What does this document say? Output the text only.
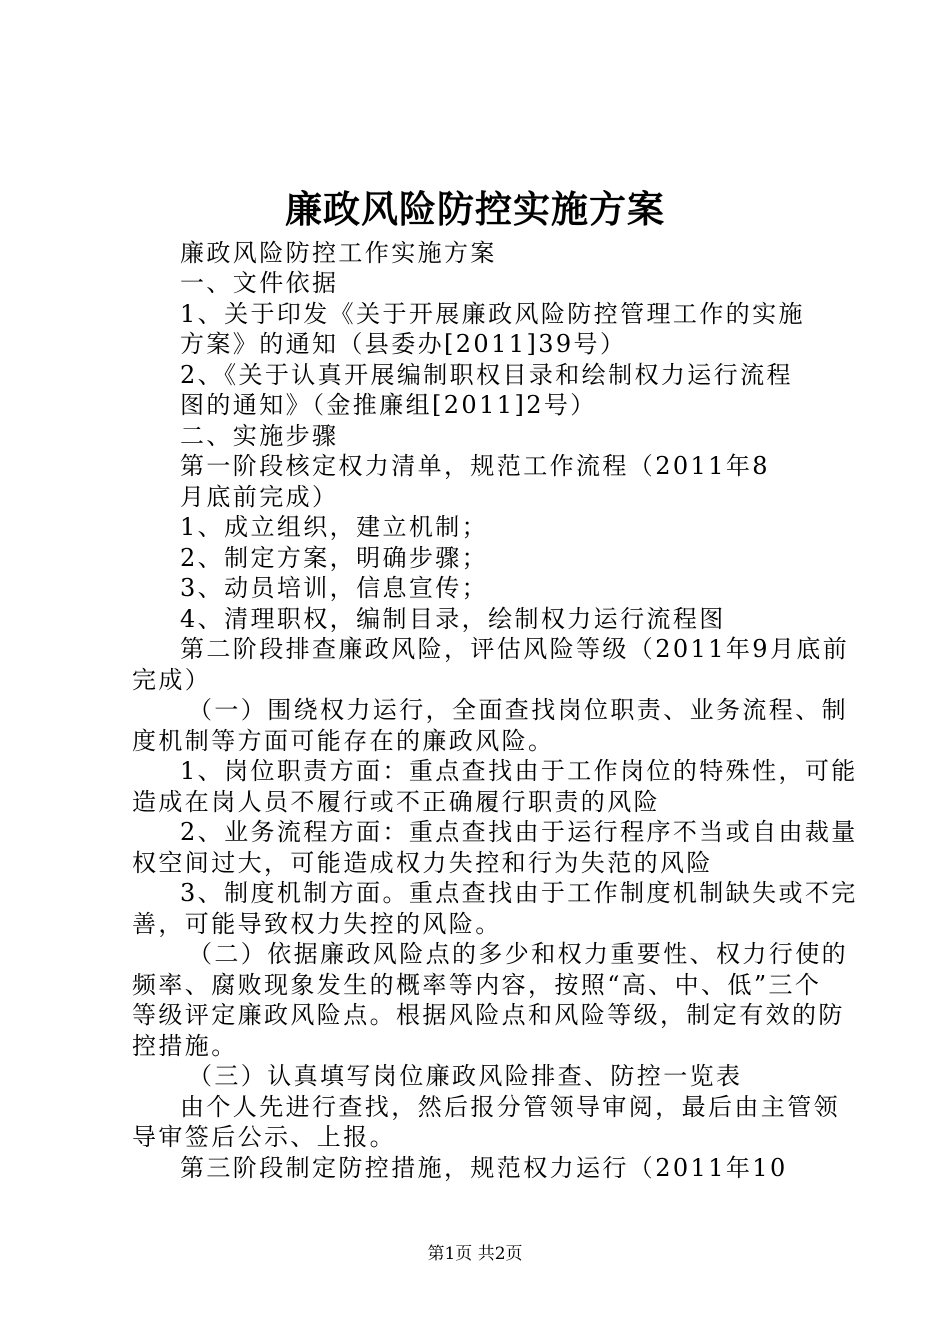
廉政风险防控实施方案
廉政风险防控工作实施方案
一、文件依据
1、关于印发《关于开展廉政风险防控管理工作的实施
方案》的通知（县委办[2011]39号）
2、《关于认真开展编制职权目录和绘制权力运行流程
图的通知》（金推廉组[2011]2号）
二、实施步骤
第一阶段核定权力清单，规范工作流程（2011年8
月底前完成）
1、成立组织，建立机制；
2、制定方案，明确步骤；
3、动员培训，信息宣传；
4、清理职权，编制目录，绘制权力运行流程图
第二阶段排查廉政风险，评估风险等级（2011年9月底前
完成）
（一）围绕权力运行，全面查找岗位职责、业务流程、制
度机制等方面可能存在的廉政风险。
1、岗位职责方面：重点查找由于工作岗位的特殊性，可能
造成在岗人员不履行或不正确履行职责的风险
2、业务流程方面：重点查找由于运行程序不当或自由裁量
权空间过大，可能造成权力失控和行为失范的风险
3、制度机制方面。重点查找由于工作制度机制缺失或不完
善，可能导致权力失控的风险。
（二）依据廉政风险点的多少和权力重要性、权力行使的
频率、腐败现象发生的概率等内容，按照“高、中、低”三个
等级评定廉政风险点。根据风险点和风险等级，制定有效的防
控措施。
（三）认真填写岗位廉政风险排查、防控一览表
由个人先进行查找，然后报分管领导审阅，最后由主管领
导审签后公示、上报。
第三阶段制定防控措施，规范权力运行（2011年10
第1页 共2页
